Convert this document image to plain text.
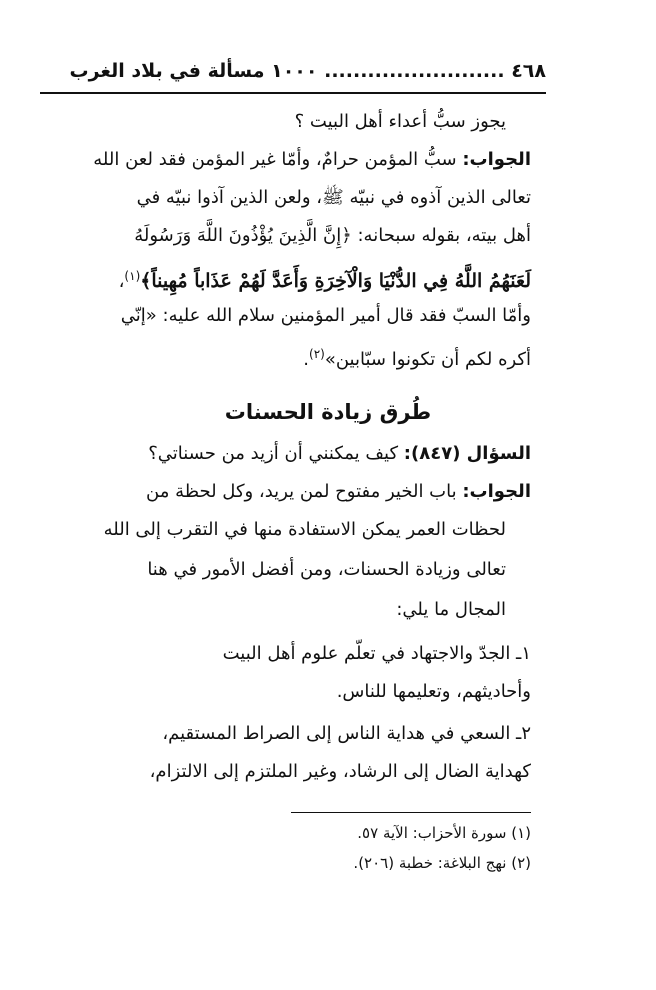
٤٦٨ ......................... ١٠٠٠ مسألة في بلاد الغرب
يجوز سبُّ أعداء أهل البيت ؟
الجواب: سبُّ المؤمن حرامٌ، وأمّا غير المؤمن فقد لعن الله
تعالى الذين آذوه في نبيّه ﷺ، ولعن الذين آذوا نبيّه في
أهل بيته، بقوله سبحانه: ﴿إِنَّ الَّذِينَ يُؤْذُونَ اللَّهَ وَرَسُولَهُ
لَعَنَهُمُ اللَّهُ فِي الدُّنْيَا وَالْآخِرَةِ وَأَعَدَّ لَهُمْ عَذَاباً مُهِيناً﴾$^{(١)}$،
وأمّا السبّ فقد قال أمير المؤمنين سلام الله عليه: «إنّي
أكره لكم أن تكونوا سبّابين»$^{(٢)}$.
طُرق زيادة الحسنات
السؤال (٨٤٧): كيف يمكنني أن أزيد من حسناتي؟
الجواب: باب الخير مفتوح لمن يريد، وكل لحظة من
لحظات العمر يمكن الاستفادة منها في التقرب إلى الله
تعالى وزيادة الحسنات، ومن أفضل الأمور في هنا
المجال ما يلي:
١ـ الجدّ والاجتهاد في تعلّم علوم أهل البيت
وأحاديثهم، وتعليمها للناس.
٢ـ السعي في هداية الناس إلى الصراط المستقيم،
كهداية الضال إلى الرشاد، وغير الملتزم إلى الالتزام،
(١) سورة الأحزاب: الآية ٥٧.
(٢) نهج البلاغة: خطبة (٢٠٦).
